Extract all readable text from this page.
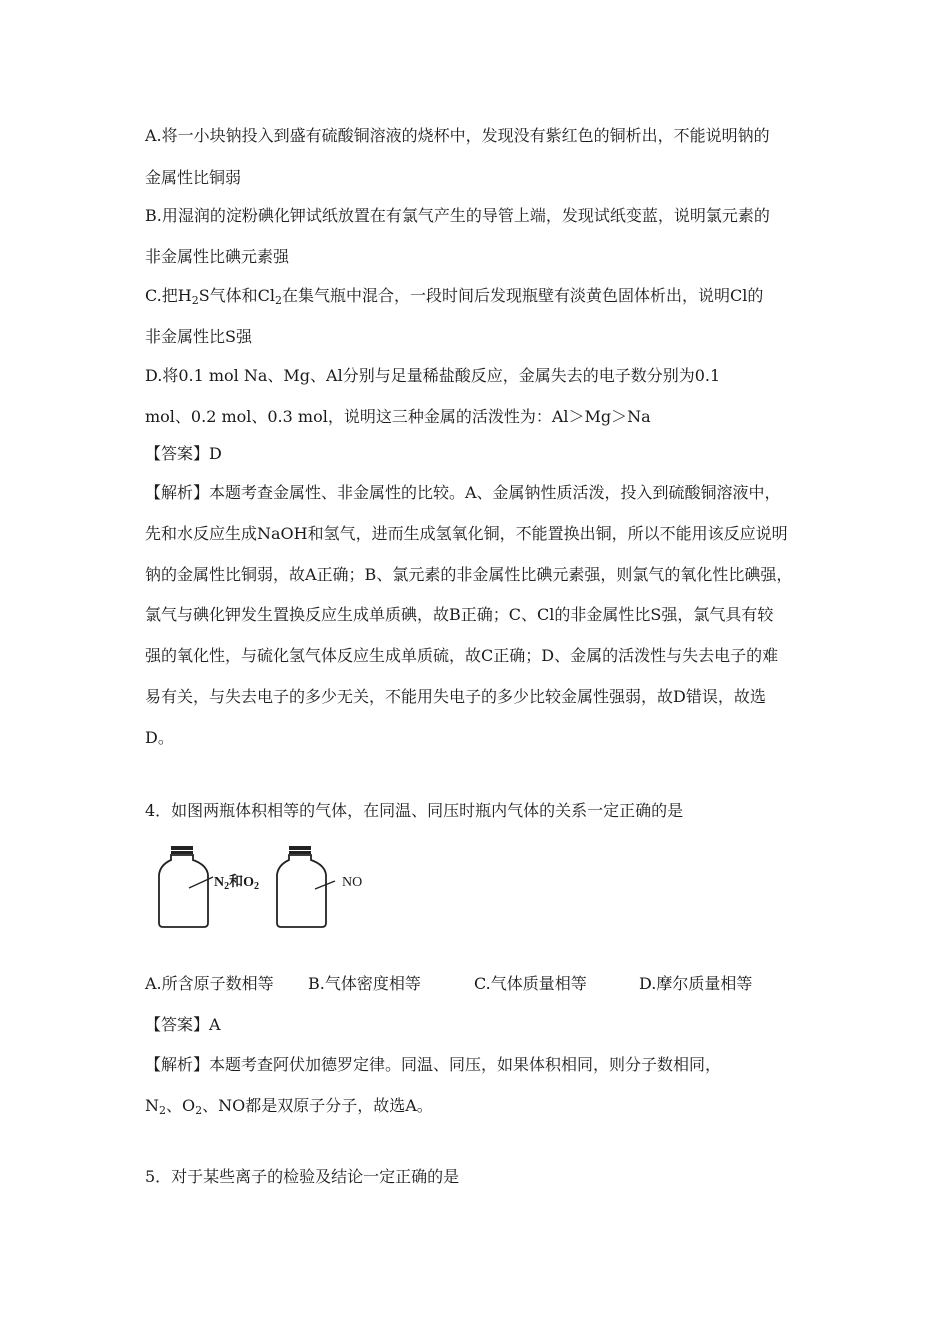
A.将一小块钠投入到盛有硫酸铜溶液的烧杯中，发现没有紫红色的铜析出，不能说明钠的
金属性比铜弱
B.用湿润的淀粉碘化钾试纸放置在有氯气产生的导管上端，发现试纸变蓝，说明氯元素的
非金属性比碘元素强
C.把$H_2S$气体和$Cl_2$在集气瓶中混合，一段时间后发现瓶壁有淡黄色固体析出，说明Cl的
非金属性比S强
D.将0.1 mol Na、Mg、Al分别与足量稀盐酸反应，金属失去的电子数分别为0.1
mol、0.2 mol、0.3 mol，说明这三种金属的活泼性为：Al＞Mg＞Na
【答案】D
【解析】本题考查金属性、非金属性的比较。A、金属钠性质活泼，投入到硫酸铜溶液中，
先和水反应生成NaOH和氢气，进而生成氢氧化铜，不能置换出铜，所以不能用该反应说明
钠的金属性比铜弱，故A正确；B、氯元素的非金属性比碘元素强，则氯气的氧化性比碘强，
氯气与碘化钾发生置换反应生成单质碘，故B正确；C、Cl的非金属性比S强，氯气具有较
强的氧化性，与硫化氢气体反应生成单质硫，故C正确；D、金属的活泼性与失去电子的难
易有关，与失去电子的多少无关，不能用失电子的多少比较金属性强弱，故D错误，故选
D。
4．如图两瓶体积相等的气体，在同温、同压时瓶内气体的关系一定正确的是
$N_2$和$O_2$	NO
A.所含原子数相等 B.气体密度相等	C.气体质量相等	D.摩尔质量相等
【答案】A
【解析】本题考查阿伏加德罗定律。同温、同压，如果体积相同，则分子数相同，
$N_2$、$O_2$、NO都是双原子分子，故选A。
5．对于某些离子的检验及结论一定正确的是
